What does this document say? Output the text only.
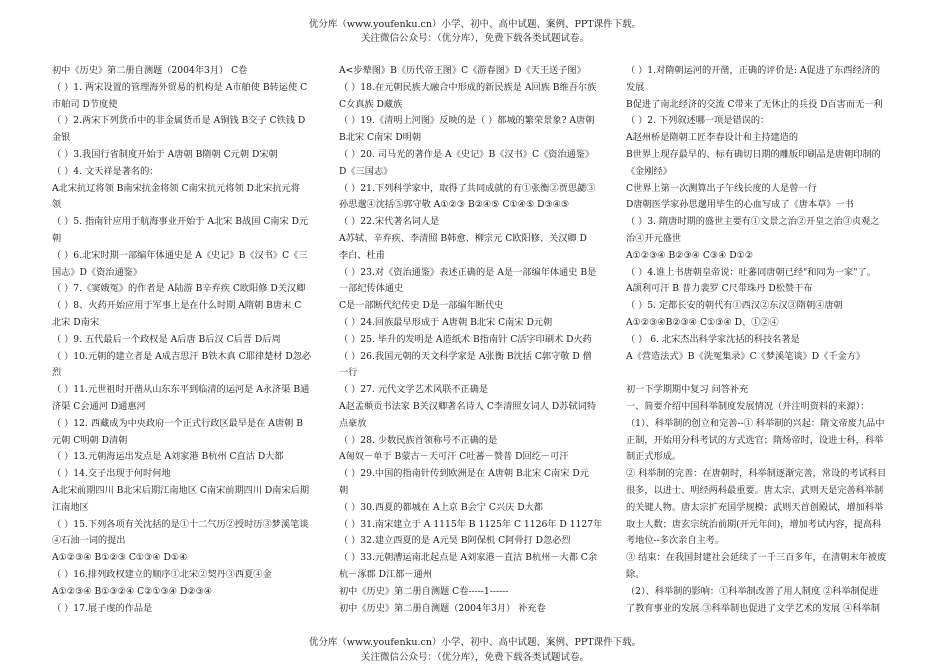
优分库（www.youfenku.cn）小学、初中、高中试题、案例、PPT课件下载。
关注微信公众号：（优分库），免费下载各类试题试卷。
初中《历史》第二册自测题（2004年3月） C卷
（ ）1. 两宋设置的管理海外贸易的机构是 A市舶使 B转运使 C
市舶司 D节度使
（ ）2.两宋下列货币中的非金属货币是 A铜钱 B交子 C铁钱 D
金银
（ ）3.我国行省制度开始于 A唐朝 B隋朝 C元朝 D宋朝
（ ）4. 文天祥是著名的：
A北宋抗辽将领 B南宋抗金将领 C南宋抗元将领 D北宋抗元将
领
（ ）5. 指南针应用于航海事业开始于 A北宋 B战国 C南宋 D元
朝
（ ）6.北宋时期一部编年体通史是 A《史记》B《汉书》C《三
国志》D《资治通鉴》
（ ）7.《窦娥冤》的作者是 A陆游 B辛弃疾 C欧阳修 D关汉卿
（ ）8、火药开始应用于军事上是在什么时期 A隋朝 B唐末 C
北宋 D南宋
（ ）9. 五代最后一个政权是 A后唐 B后汉 C后晋 D后周
（ ）10.元朝的建立者是 A成吉思汗 B铁木真 C耶律楚材 D忽必
烈
（ ）11.元世祖时开凿从山东东平到临清的运河是 A永济渠 B通
济渠 C会通河 D通惠河
（ ）12. 西藏成为中央政府一个正式行政区最早是在 A唐朝 B
元朝 C明朝 D清朝
（ ）13.元朝海运出发点是 A刘家港 B杭州 C直沽 D大都
（ ）14.交子出现于何时何地
A北宋前期四川 B北宋后期江南地区 C南宋前期四川 D南宋后期
江南地区
（ ）15.下列各项有关沈括的是①十二气历②授时历③梦溪笔谈
④石油一词的提出
A①②③④ B①②③ C①③④ D①④
（ ）16.排列政权建立的顺序①北宋②契丹③西夏④金
A①②③④ B①③②④ C②①③④ D②③④
（ ）17.展子虔的作品是
A<步辇图》B《历代帝王图》C《游春图》D《天王送子图》
（ ）18.在元朝民族大融合中形成的新民族是 A回族 B维吾尔族
C女真族 D藏族
（ ）19.《清明上河图》反映的是（ ）都城的繁荣景象? A唐朝
B北宋 C南宋 D明朝
（ ）20. 司马光的著作是 A《史记》B《汉书》C《资治通鉴》
D《三国志》
（ ）21.下列科学家中，取得了共同成就的有①张衡②贾思勰③
孙思邈④沈括⑤郭守敬 A①②③ B②④⑤ C①④⑤ D③④⑤
（ ）22.宋代著名词人是
A苏轼、辛弃疾、李清照 B韩愈、柳宗元 C欧阳修、关汉卿 D
李白、杜甫
（ ）23.对《资治通鉴》表述正确的是 A是一部编年体通史 B是
一部纪传体通史
C是一部断代纪传史 D是一部编年断代史
（ ）24.回族最早形成于 A唐朝 B北宋 C南宋 D元朝
（ ）25. 毕升的发明是 A造纸术 B指南针 C活字印刷术 D火药
（ ）26.我国元朝的天文科学家是 A张衡 B沈括 C郭守敬 D 僧
一行
（ ）27. 元代文学艺术风联不正确是
A赵孟頫贡书法家 B关汉卿著名诗人 C李清照女词人 D苏轼词特
点豪放
（ ）28. 少数民族首领称号不正确的是
A匈奴－单于 B蒙古－天可汗 C吐蕃－赞普 D回纥－可汗
（ ）29.中国的指南针传到欧洲是在 A唐朝 B北宋 C南宋 D元
朝
（ ）30.西夏的都城在 A上京 B会宁 C兴庆 D大都
（ ）31.南宋建立于 A 1115年 B 1125年 C 1126年 D 1127年
（ ）32.建立西夏的是 A元昊 B阿保机 C阿骨打 D忽必烈
（ ）33.元朝漕运南北起点是 A刘家港－直沽 B杭州－大都 C余
杭－涿郡 D江都－通州
初中《历史》第二册自测题 C卷-----1------
初中《历史》第二册自测题（2004年3月） 补充卷
（ ）1.对隋朝运河的开凿，正确的评价是: A促进了东西经济的
发展
B促进了南北经济的交流 C带来了无休止的兵役 D百害而无一利
（ ）2. 下列叙述哪一项是错误的：
A赵州桥是隋朝工匠李春设计和主持建造的
B世界上现存最早的、标有确切日期的雕版印刷品是唐朝印制的
《金刚经》
C世界上第一次测算出子午线长度的人是曾一行
D唐朝医学家孙思邈用毕生的心血写成了《唐本草》一书
（ ）3. 隋唐时期的盛世主要有①文景之治②开皇之治③贞观之
治④开元盛世
A①②③④ B②③④ C③④ D①②
（ ）4.谁上书唐朝皇帝说：吐蕃同唐朝已经"和同为一家"了。
A颉利可汗 B 普力裴罗 C尺带珠丹 D松赞干布
（ ）5. 定都长安的朝代有①西汉②东汉③隋朝④唐朝
A①②③④B②③④ C①③④ D、①②④
（ ） 6. 北宋杰出科学家沈括的科技名著是
A《营造法式》B《洗冤集录》C《梦溪笔谈》D《千金方》

初一下学期期中复习 问答补充
一、简要介绍中国科举制度发展情况（并注明资料的来源）：
（1）、科举制的创立和完善--① 科举制的兴起：隋文帝废九品中
正制，开始用分科考试的方式选官；隋炀帝时，设进士科，科举
制正式形成。
② 科举制的完善：在唐朝时，科举制逐渐完善，常设的考试科目
很多，以进士、明经两科最重要。唐太宗、武则天是完善科举制
的关键人物。唐太宗扩充国学规模；武则天首创殿试，增加科举
取士人数；唐玄宗统治前期(开元年间)，增加考试内容，提高科
考地位--多次亲自主考。
③ 结束：在我国封建社会延续了一千三百多年，在清朝末年被废
除。
（2）、科举制的影响：①科举制改善了用人制度 ②科举制促进
了教育事业的发展 ③科举制也促进了文学艺术的发展 ④科举制
优分库（www.youfenku.cn）小学、初中、高中试题、案例、PPT课件下载。
关注微信公众号：（优分库），免费下载各类试题试卷。
